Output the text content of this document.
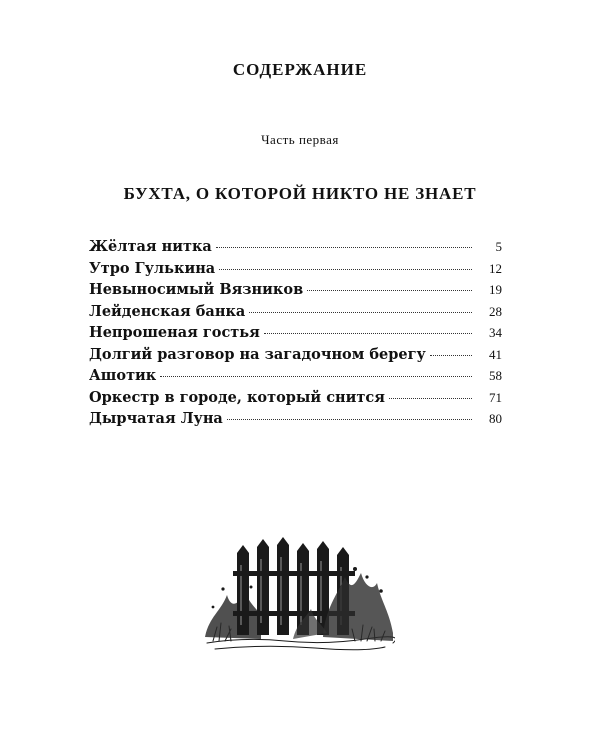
СОДЕРЖАНИЕ
Часть первая
БУХТА, О КОТОРОЙ НИКТО НЕ ЗНАЕТ
Жёлтая нитка	5
Утро Гулькина	12
Невыносимый Вязников	19
Лейденская банка	28
Непрошеная гостья	34
Долгий разговор на загадочном берегу	41
Ашотик	58
Оркестр в городе, который снится	71
Дырчатая Луна	80
